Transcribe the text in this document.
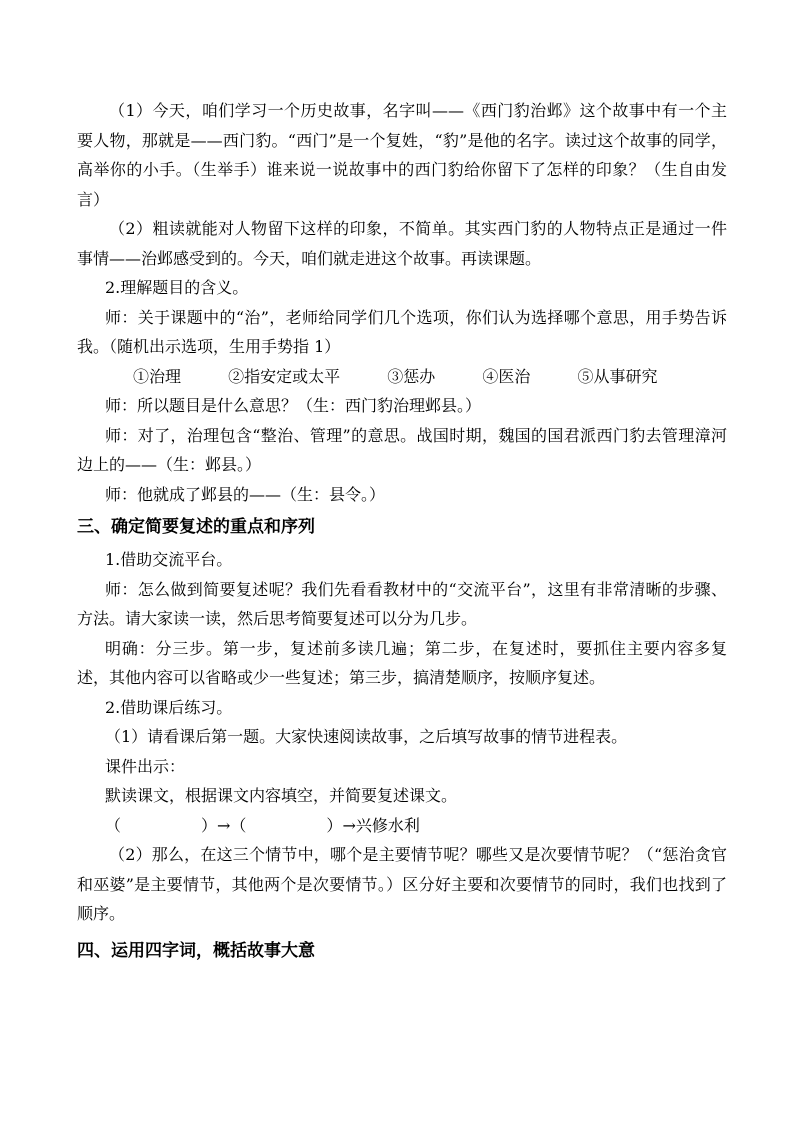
（1）今天，咱们学习一个历史故事，名字叫——《西门豹治邺》这个故事中有一个主要人物，那就是——西门豹。“西门”是一个复姓，“豹”是他的名字。读过这个故事的同学，高举你的小手。（生举手）谁来说一说故事中的西门豹给你留下了怎样的印象？（生自由发言）

（2）粗读就能对人物留下这样的印象，不简单。其实西门豹的人物特点正是通过一件事情——治邺感受到的。今天，咱们就走进这个故事。再读课题。

2.理解题目的含义。

师：关于课题中的“治”，老师给同学们几个选项，你们认为选择哪个意思，用手势告诉我。（随机出示选项，生用手势指 1）

①治理	②指安定或太平	③惩办	④医治	⑤从事研究

师：所以题目是什么意思？（生：西门豹治理邺县。）

师：对了，治理包含“整治、管理”的意思。战国时期，魏国的国君派西门豹去管理漳河边上的——（生：邺县。）

师：他就成了邺县的——（生：县令。）

三、确定简要复述的重点和序列

1.借助交流平台。

师：怎么做到简要复述呢？我们先看看教材中的“交流平台”，这里有非常清晰的步骤、方法。请大家读一读，然后思考简要复述可以分为几步。

明确：分三步。第一步，复述前多读几遍；第二步，在复述时，要抓住主要内容多复述，其他内容可以省略或少一些复述；第三步，搞清楚顺序，按顺序复述。

2.借助课后练习。

（1）请看课后第一题。大家快速阅读故事，之后填写故事的情节进程表。

课件出示：

默读课文，根据课文内容填空，并简要复述课文。

（　　　　　）→（　　　　　）→兴修水利

（2）那么，在这三个情节中，哪个是主要情节呢？哪些又是次要情节呢？（“惩治贪官和巫婆”是主要情节，其他两个是次要情节。）区分好主要和次要情节的同时，我们也找到了顺序。

四、运用四字词，概括故事大意
